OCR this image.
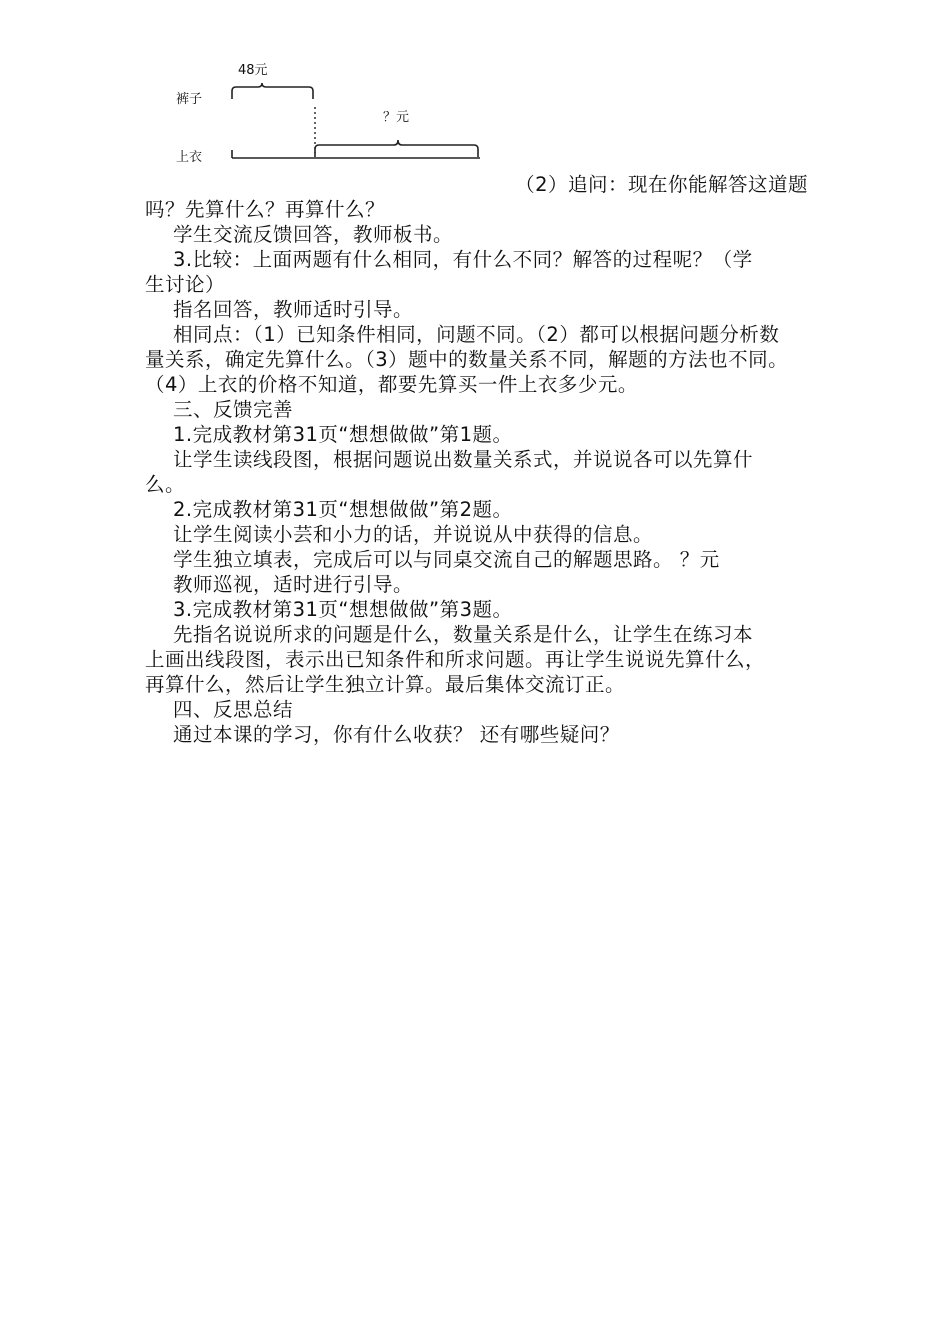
48元
裤子
？元
上衣

（2）追问：现在你能解答这道题

吗？先算什么？再算什么？

学生交流反馈回答，教师板书。

3.比较：上面两题有什么相同，有什么不同？解答的过程呢？（学

生讨论）

指名回答，教师适时引导。

相同点：（1）已知条件相同，问题不同。（2）都可以根据问题分析数

量关系，确定先算什么。（3）题中的数量关系不同，解题的方法也不同。

（4）上衣的价格不知道，都要先算买一件上衣多少元。

三、反馈完善

1.完成教材第31页“想想做做”第1题。

让学生读线段图，根据问题说出数量关系式，并说说各可以先算什

么。

2.完成教材第31页“想想做做”第2题。

让学生阅读小芸和小力的话，并说说从中获得的信息。

学生独立填表，完成后可以与同桌交流自己的解题思路。 ？元

教师巡视，适时进行引导。

3.完成教材第31页“想想做做”第3题。

先指名说说所求的问题是什么，数量关系是什么，让学生在练习本

上画出线段图，表示出已知条件和所求问题。再让学生说说先算什么，

再算什么，然后让学生独立计算。最后集体交流订正。

四、反思总结

通过本课的学习，你有什么收获？ 还有哪些疑问？
